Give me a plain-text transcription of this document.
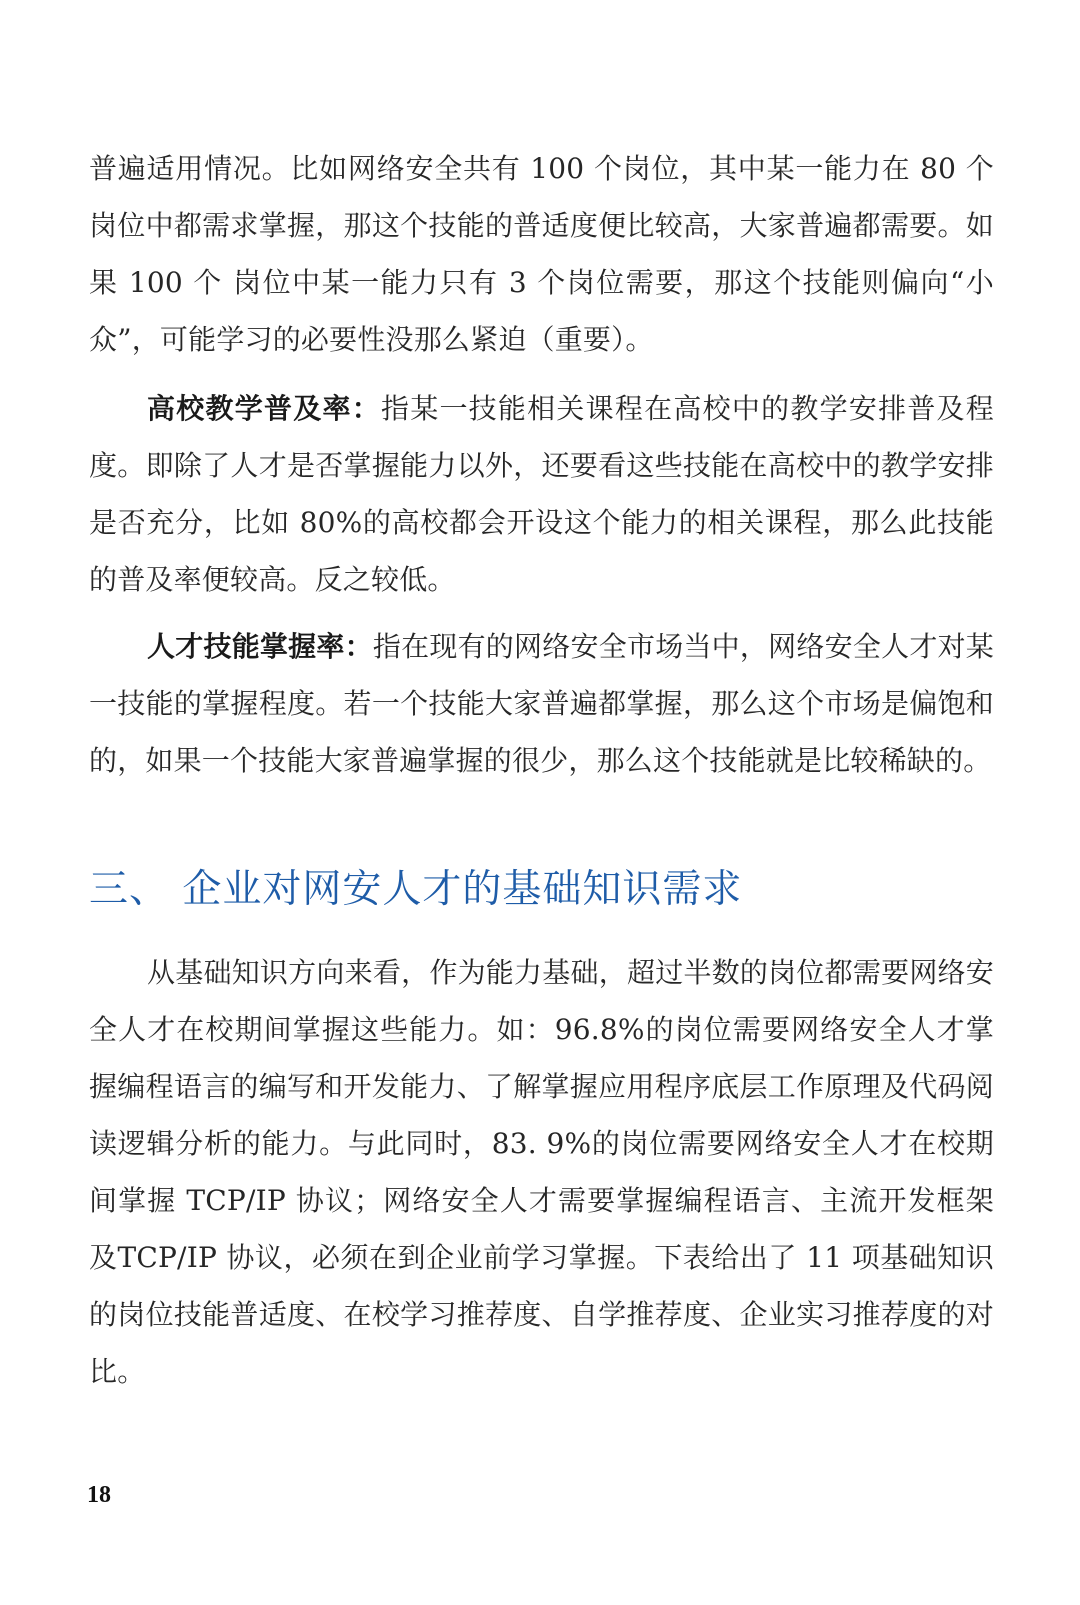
普遍适用情况。比如网络安全共有 100 个岗位，其中某一能力在 80 个岗位中都需求掌握，那这个技能的普适度便比较高，大家普遍都需要。如果 100 个 岗位中某一能力只有 3 个岗位需要，那这个技能则偏向“小众”，可能学习的必要性没那么紧迫（重要）。

高校教学普及率：指某一技能相关课程在高校中的教学安排普及程度。即除了人才是否掌握能力以外，还要看这些技能在高校中的教学安排是否充分，比如 80%的高校都会开设这个能力的相关课程，那么此技能的普及率便较高。反之较低。

人才技能掌握率：指在现有的网络安全市场当中，网络安全人才对某一技能的掌握程度。若一个技能大家普遍都掌握，那么这个市场是偏饱和的，如果一个技能大家普遍掌握的很少，那么这个技能就是比较稀缺的。

三、 企业对网安人才的基础知识需求

从基础知识方向来看，作为能力基础，超过半数的岗位都需要网络安全人才在校期间掌握这些能力。如：96.8%的岗位需要网络安全人才掌握编程语言的编写和开发能力、了解掌握应用程序底层工作原理及代码阅读逻辑分析的能力。与此同时，83. 9%的岗位需要网络安全人才在校期间掌握 TCP/IP 协议；网络安全人才需要掌握编程语言、主流开发框架及TCP/IP 协议，必须在到企业前学习掌握。下表给出了 11 项基础知识的岗位技能普适度、在校学习推荐度、自学推荐度、企业实习推荐度的对比。

18
